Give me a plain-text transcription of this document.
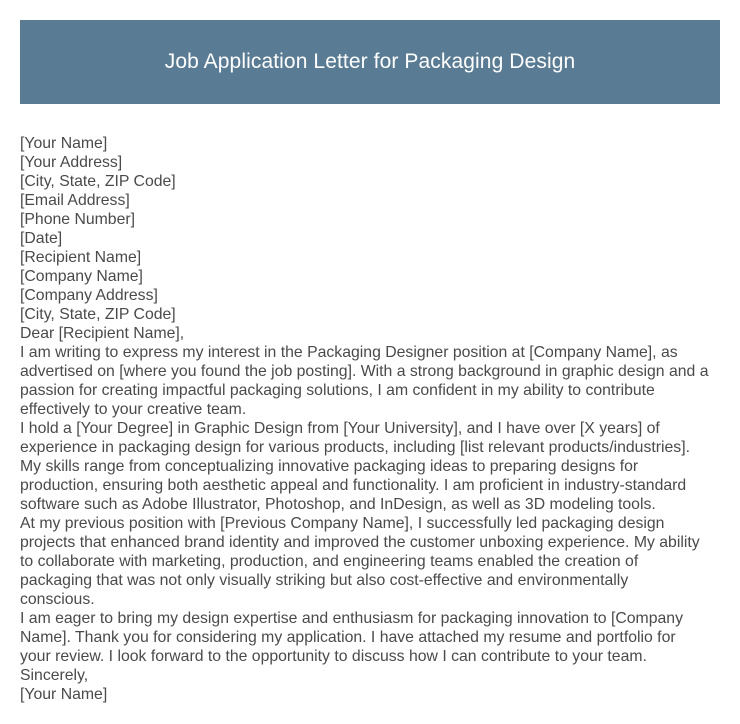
Job Application Letter for Packaging Design
[Your Name]
[Your Address]
[City, State, ZIP Code]
[Email Address]
[Phone Number]
[Date]
[Recipient Name]
[Company Name]
[Company Address]
[City, State, ZIP Code]
Dear [Recipient Name],
I am writing to express my interest in the Packaging Designer position at [Company Name], as
advertised on [where you found the job posting]. With a strong background in graphic design and a
passion for creating impactful packaging solutions, I am confident in my ability to contribute
effectively to your creative team.
I hold a [Your Degree] in Graphic Design from [Your University], and I have over [X years] of
experience in packaging design for various products, including [list relevant products/industries].
My skills range from conceptualizing innovative packaging ideas to preparing designs for
production, ensuring both aesthetic appeal and functionality. I am proficient in industry-standard
software such as Adobe Illustrator, Photoshop, and InDesign, as well as 3D modeling tools.
At my previous position with [Previous Company Name], I successfully led packaging design
projects that enhanced brand identity and improved the customer unboxing experience. My ability
to collaborate with marketing, production, and engineering teams enabled the creation of
packaging that was not only visually striking but also cost-effective and environmentally
conscious.
I am eager to bring my design expertise and enthusiasm for packaging innovation to [Company
Name]. Thank you for considering my application. I have attached my resume and portfolio for
your review. I look forward to the opportunity to discuss how I can contribute to your team.
Sincerely,
[Your Name]
